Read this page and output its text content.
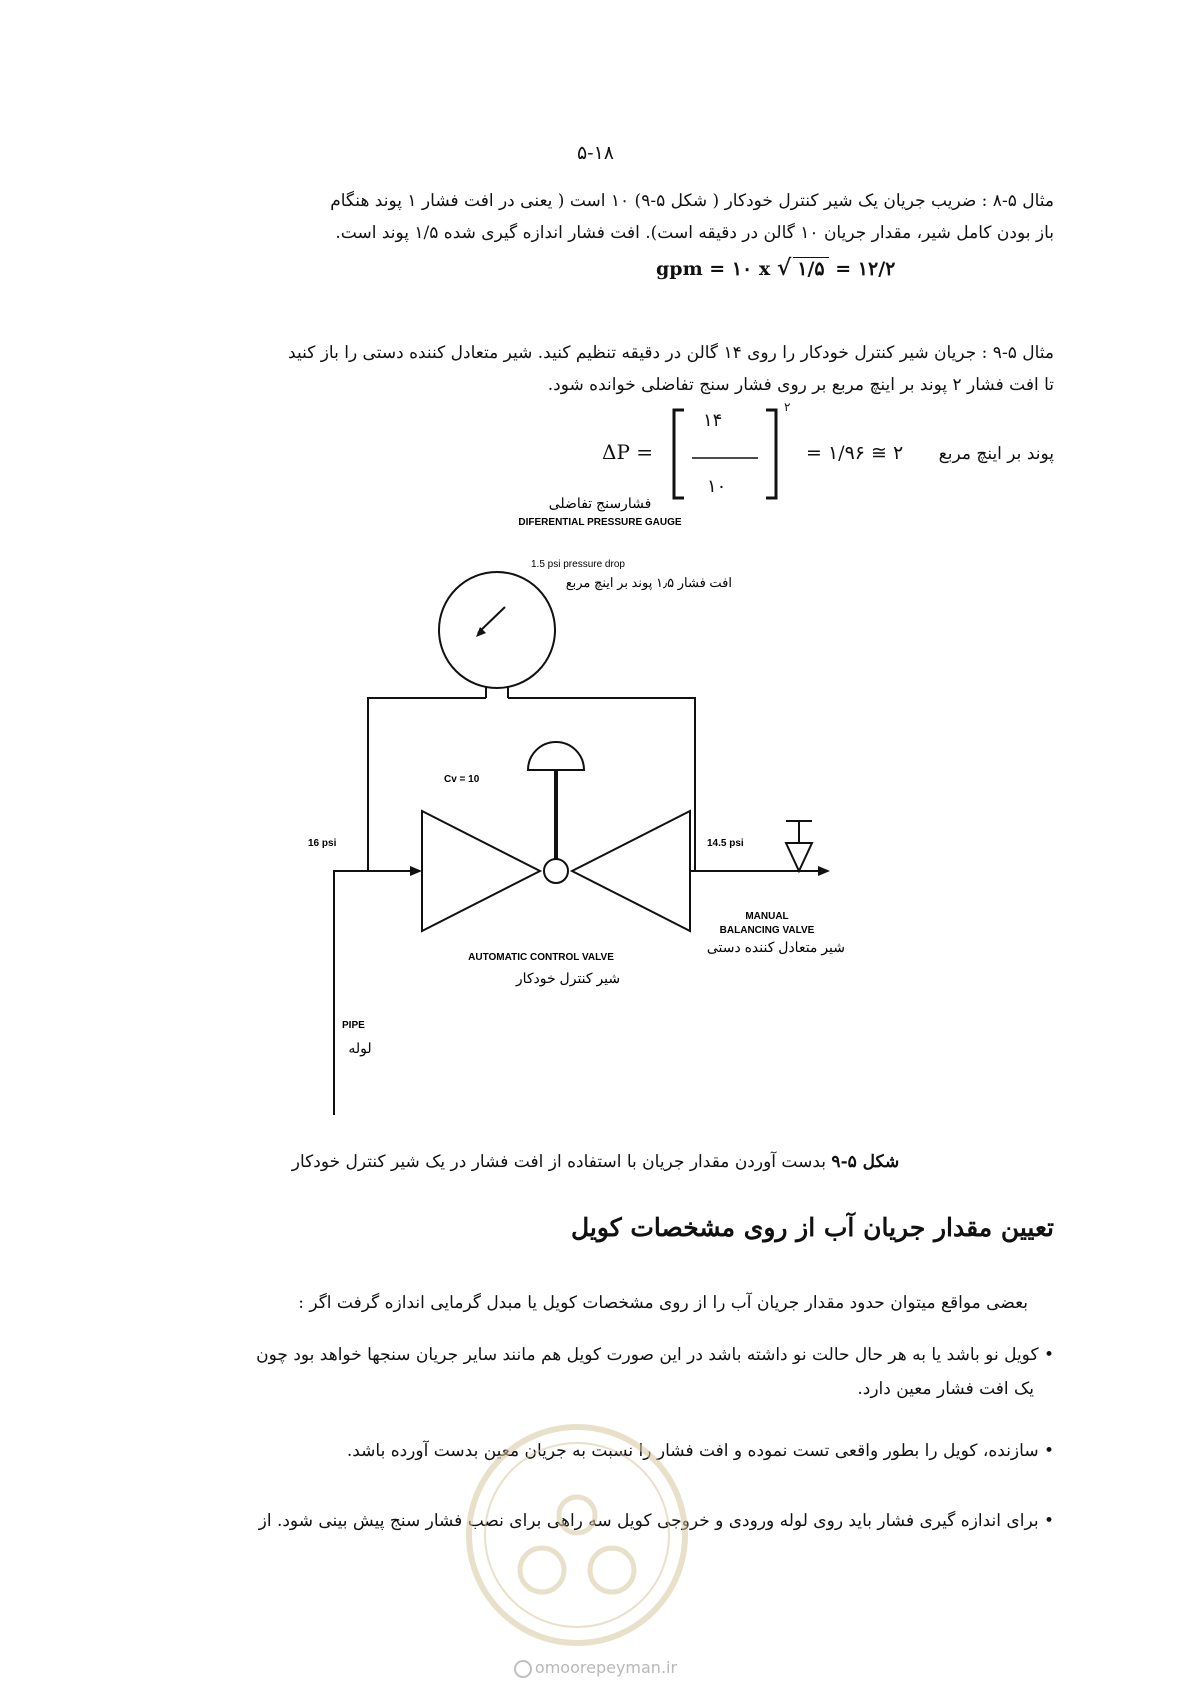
۵-۱۸
مثال ۵-۸ : ضریب جریان یک شیر کنترل خودکار ( شکل ۵-۹) ۱۰ است ( یعنی در افت فشار ۱ پوند هنگام
باز بودن کامل شیر، مقدار جریان ۱۰ گالن در دقیقه است). افت فشار اندازه گیری شده ۱/۵ پوند است.
gpm = ۱۰ x √ ۱/۵ = ۱۲/۲
مثال ۵-۹ : جریان شیر کنترل خودکار را روی ۱۴ گالن در دقیقه تنظیم کنید. شیر متعادل کننده دستی را باز کنید
تا افت فشار ۲ پوند بر اینچ مربع بر روی فشار سنج تفاضلی خوانده شود.
ΔP =
۱۴
۱۰
۲
= ۱/۹۶ ≅ ۲ پوند بر اینچ مربع
فشارسنج تفاضلی
DIFERENTIAL PRESSURE GAUGE
1.5 psi pressure drop
افت فشار ۱٫۵ پوند بر اینچ مربع
Cv = 10
16 psi	14.5 psi
MANUAL
BALANCING VALVE
شیر متعادل کننده دستی
AUTOMATIC CONTROL VALVE
شیر کنترل خودکار
PIPE
لوله
شکل ۵-۹ بدست آوردن مقدار جریان با استفاده از افت فشار در یک شیر کنترل خودکار
تعیین مقدار جریان آب از روی مشخصات کویل
بعضی مواقع میتوان حدود مقدار جریان آب را از روی مشخصات کویل یا مبدل گرمایی اندازه گرفت اگر :
• کویل نو باشد یا به هر حال حالت نو داشته باشد در این صورت کویل هم مانند سایر جریان سنجها خواهد بود چون
یک افت فشار معین دارد.
• سازنده، کویل را بطور واقعی تست نموده و افت فشار را نسبت به جریان معین بدست آورده باشد.
• برای اندازه گیری فشار باید روی لوله ورودی و خروجی کویل سه راهی برای نصب فشار سنج پیش بینی شود. از
omoorepeyman.ir
